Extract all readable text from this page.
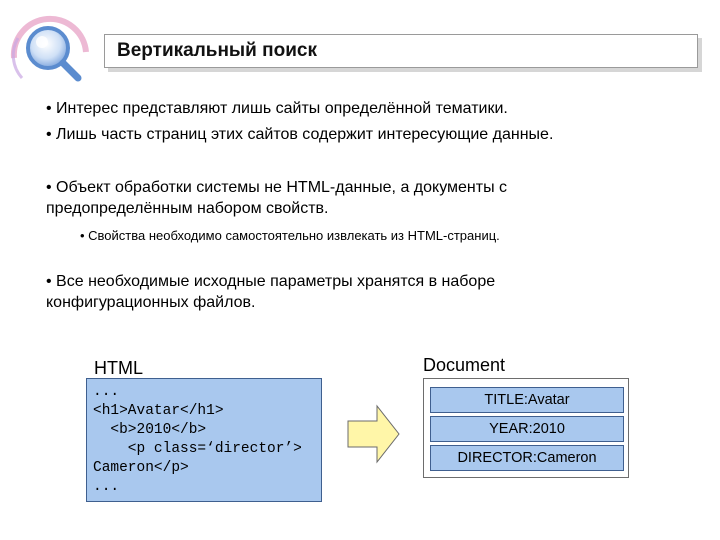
Вертикальный поиск
• Интерес представляют лишь сайты определённой тематики.
• Лишь часть страниц этих сайтов содержит интересующие данные.
• Объект обработки системы не HTML-данные, а документы с
предопределённым набором свойств.
• Свойства необходимо самостоятельно извлекать из HTML-страниц.
• Все необходимые исходные параметры хранятся в наборе
конфигурационных файлов.
HTML
...
<h1>Avatar</h1>
<b>2010</b>
<p class=‘director’>
Cameron</p>
...
Document
TITLE:Avatar
YEAR:2010
DIRECTOR:Cameron
